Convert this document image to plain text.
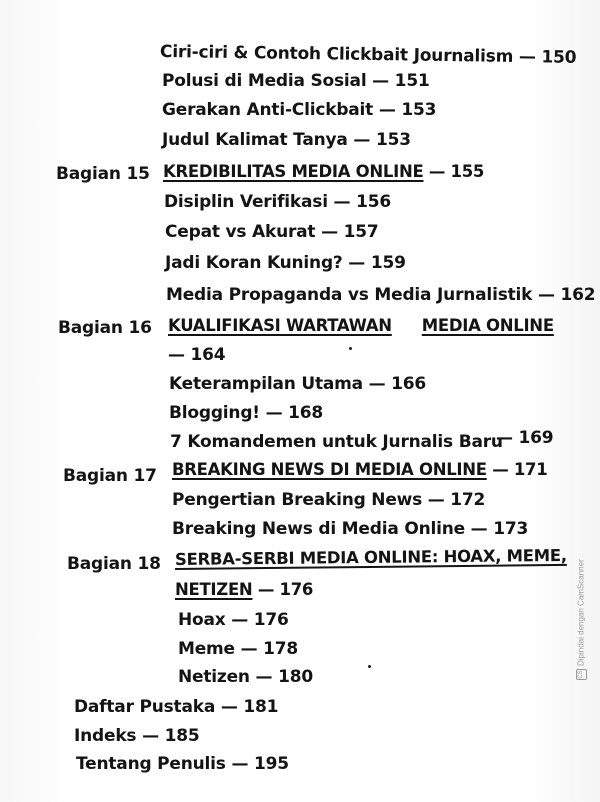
Ciri-ciri & Contoh Clickbait Journalism — 150
Polusi di Media Sosial — 151
Gerakan Anti-Clickbait — 153
Judul Kalimat Tanya — 153
Bagian 15 KREDIBILITAS MEDIA ONLINE — 155
Disiplin Verifikasi — 156
Cepat vs Akurat — 157
Jadi Koran Kuning? — 159
Media Propaganda vs Media Jurnalistik — 162
Bagian 16 KUALIFIKASI WARTAWAN MEDIA ONLINE
— 164
Keterampilan Utama — 166
Blogging! — 168
7 Komandemen untuk Jurnalis Baru
— 169
Bagian 17 BREAKING NEWS DI MEDIA ONLINE — 171
Pengertian Breaking News — 172
Breaking News di Media Online — 173
Bagian 18 SERBA-SERBI MEDIA ONLINE: HOAX, MEME,
NETIZEN — 176
Hoax — 176
Meme — 178
Netizen — 180
Daftar Pustaka — 181
Indeks — 185
Tentang Penulis — 195
CSDipindai dengan CamScanner
